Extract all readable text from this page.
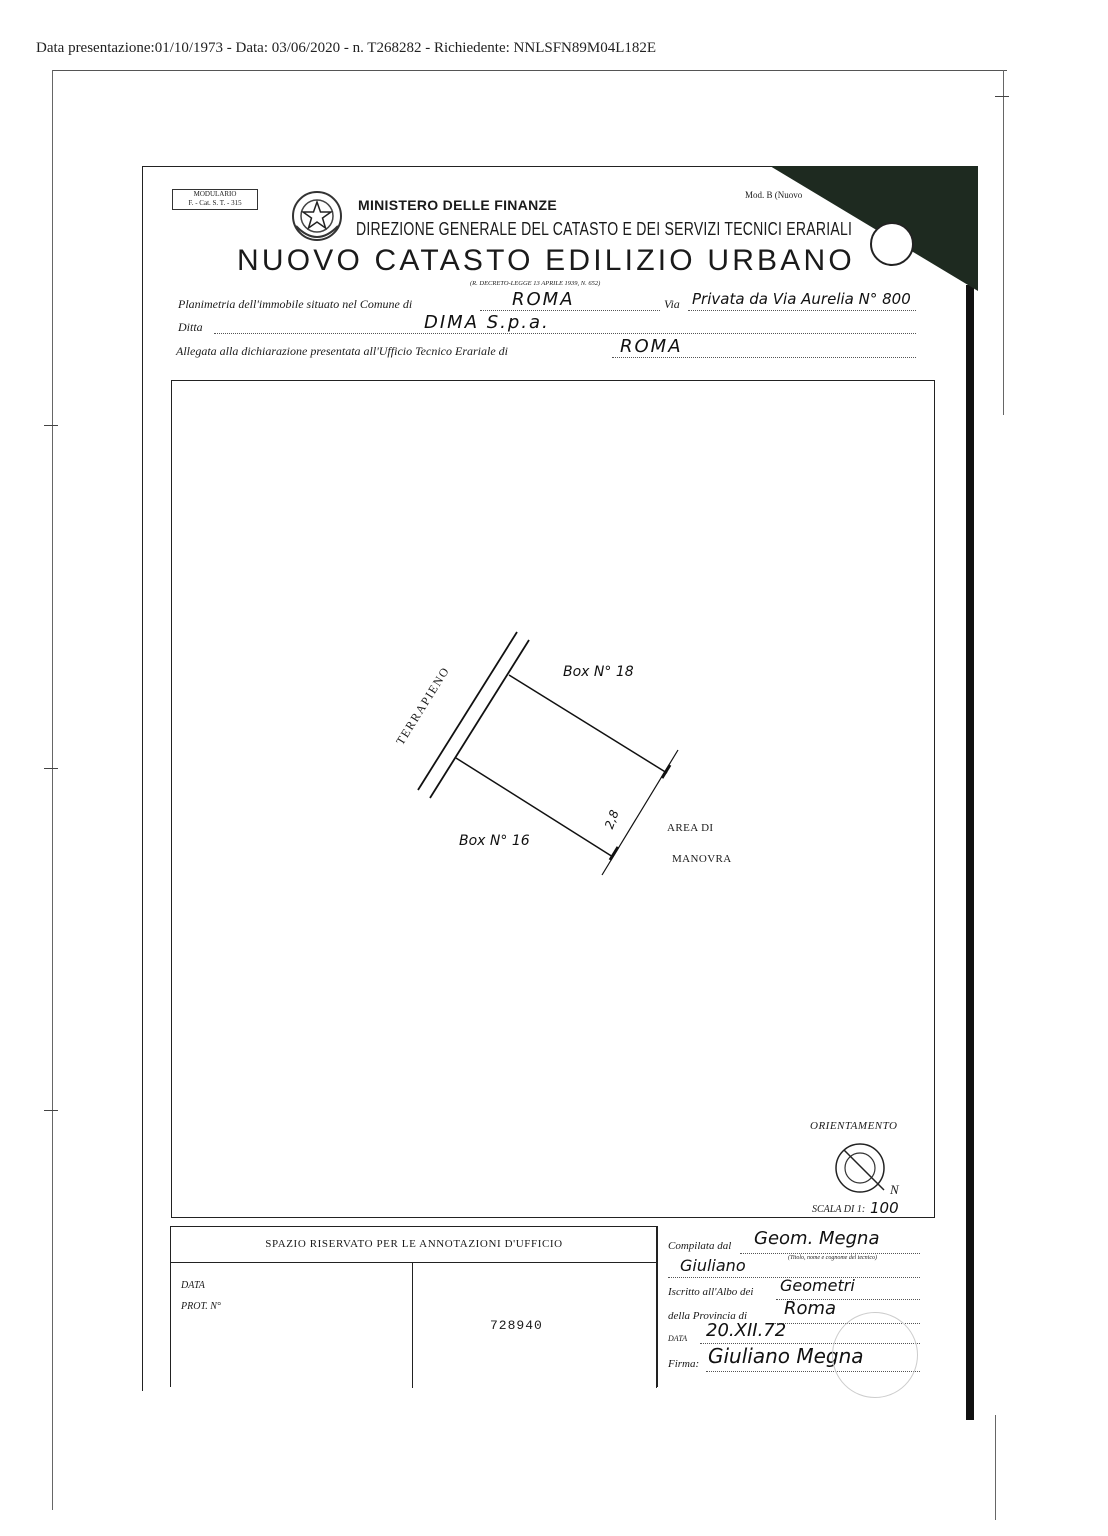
Data presentazione:01/10/1973 - Data: 03/06/2020 - n. T268282 - Richiedente: NNLSFN89M04L182E
MODULARIO
F. - Cat. S. T. - 315	MINISTERO DELLE FINANZE
Mod. B (Nuovo
DIREZIONE GENERALE DEL CATASTO E DEI SERVIZI TECNICI ERARIALI
NUOVO CATASTO EDILIZIO URBANO
(R. DECRETO-LEGGE 13 APRILE 1939, N. 652)
Planimetria dell'immobile situato nel Comune di	ROMA	Via Privata da Via Aurelia N° 800
Ditta	DIMA S.p.a.
Allegata alla dichiarazione presentata all'Ufficio Tecnico Erariale di	ROMA
TERRAPIENO	Box N° 18
Box N° 16
2,8	AREA DI
MANOVRA
ORIENTAMENTO
N
SCALA DI 1: 100
SPAZIO RISERVATO PER LE ANNOTAZIONI D'UFFICIO
DATA
PROT. N°
728940
Compilata dal Geom. Megna
(Titolo, nome e cognome del tecnico)
Giuliano
Iscritto all'Albo dei Geometri
della Provincia di Roma
DATA 20.XII.72
Firma: Giuliano Megna
